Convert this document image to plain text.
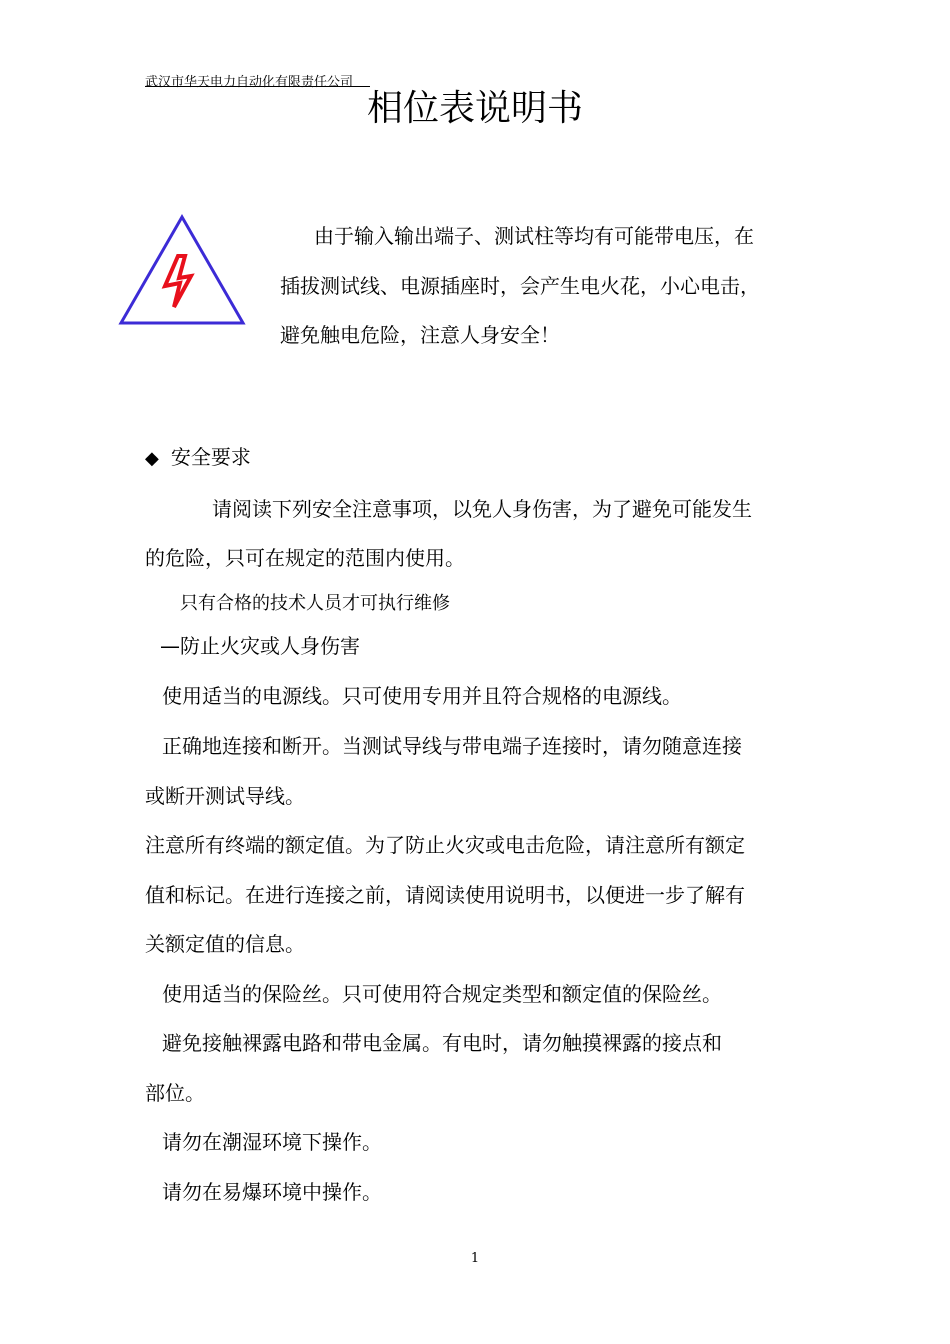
武汉市华天电力自动化有限责任公司
相位表说明书

由于输入输出端子、测试柱等均有可能带电压，在

插拔测试线、电源插座时，会产生电火花，小心电击，

避免触电危险，注意人身安全！

◆ 安全要求

请阅读下列安全注意事项，以免人身伤害，为了避免可能发生

的危险，只可在规定的范围内使用。

只有合格的技术人员才可执行维修

—防止火灾或人身伤害

使用适当的电源线。只可使用专用并且符合规格的电源线。

正确地连接和断开。当测试导线与带电端子连接时，请勿随意连接

或断开测试导线。

注意所有终端的额定值。为了防止火灾或电击危险，请注意所有额定

值和标记。在进行连接之前，请阅读使用说明书，以便进一步了解有

关额定值的信息。

使用适当的保险丝。只可使用符合规定类型和额定值的保险丝。

避免接触裸露电路和带电金属。有电时，请勿触摸裸露的接点和

部位。

请勿在潮湿环境下操作。

请勿在易爆环境中操作。

1
